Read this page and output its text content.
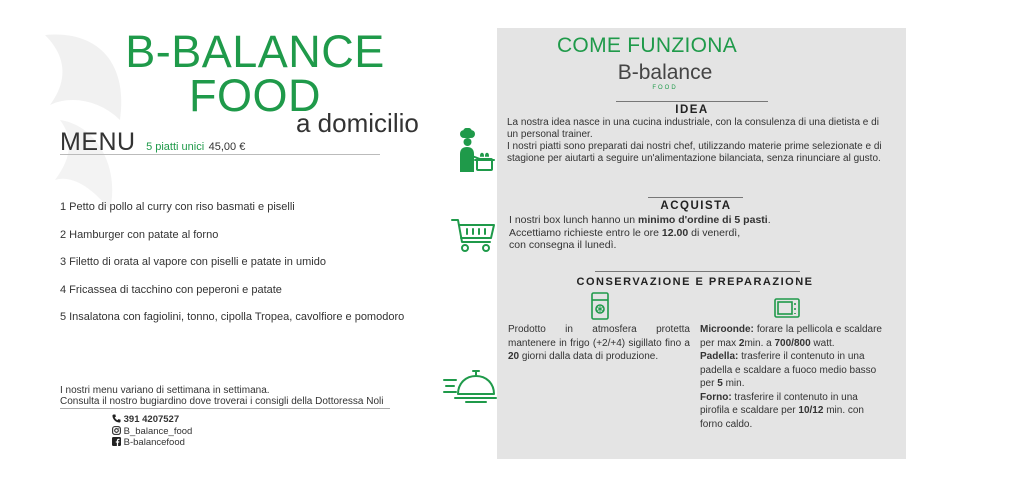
B-BALANCE
FOOD
a domicilio
MENU 5 piatti unici 45,00 €
1 Petto di pollo al curry con riso basmati e piselli
2 Hamburger con patate al forno
3 Filetto di orata al vapore con piselli e patate in umido
4 Fricassea di tacchino con peperoni e patate
5 Insalatona con fagiolini, tonno, cipolla Tropea, cavolfiore e pomodoro
I nostri menu variano di settimana in settimana.
Consulta il nostro bugiardino dove troverai i consigli della Dottoressa Noli
391 4207527
B_balance_food
B-balancefood
COME FUNZIONA
B-balance
FOOD
IDEA
La nostra idea nasce in una cucina industriale, con la consulenza di una dietista e di un personal trainer.
I nostri piatti sono preparati dai nostri chef, utilizzando materie prime selezionate e di stagione per aiutarti a seguire un'alimentazione bilanciata, senza rinunciare al gusto.
ACQUISTA
I nostri box lunch hanno un minimo d'ordine di 5 pasti.
Accettiamo richieste entro le ore 12.00 di venerdì,
con consegna il lunedì.
CONSERVAZIONE E PREPARAZIONE
Prodotto in atmosfera protetta mantenere in frigo (+2/+4) sigillato fino a 20 giorni dalla data di produzione.
Microonde: forare la pellicola e scaldare per max 2min. a 700/800 watt.
Padella: trasferire il contenuto in una padella e scaldare a fuoco medio basso per 5 min.
Forno: trasferire il contenuto in una pirofila e scaldare per 10/12 min. con forno caldo.
